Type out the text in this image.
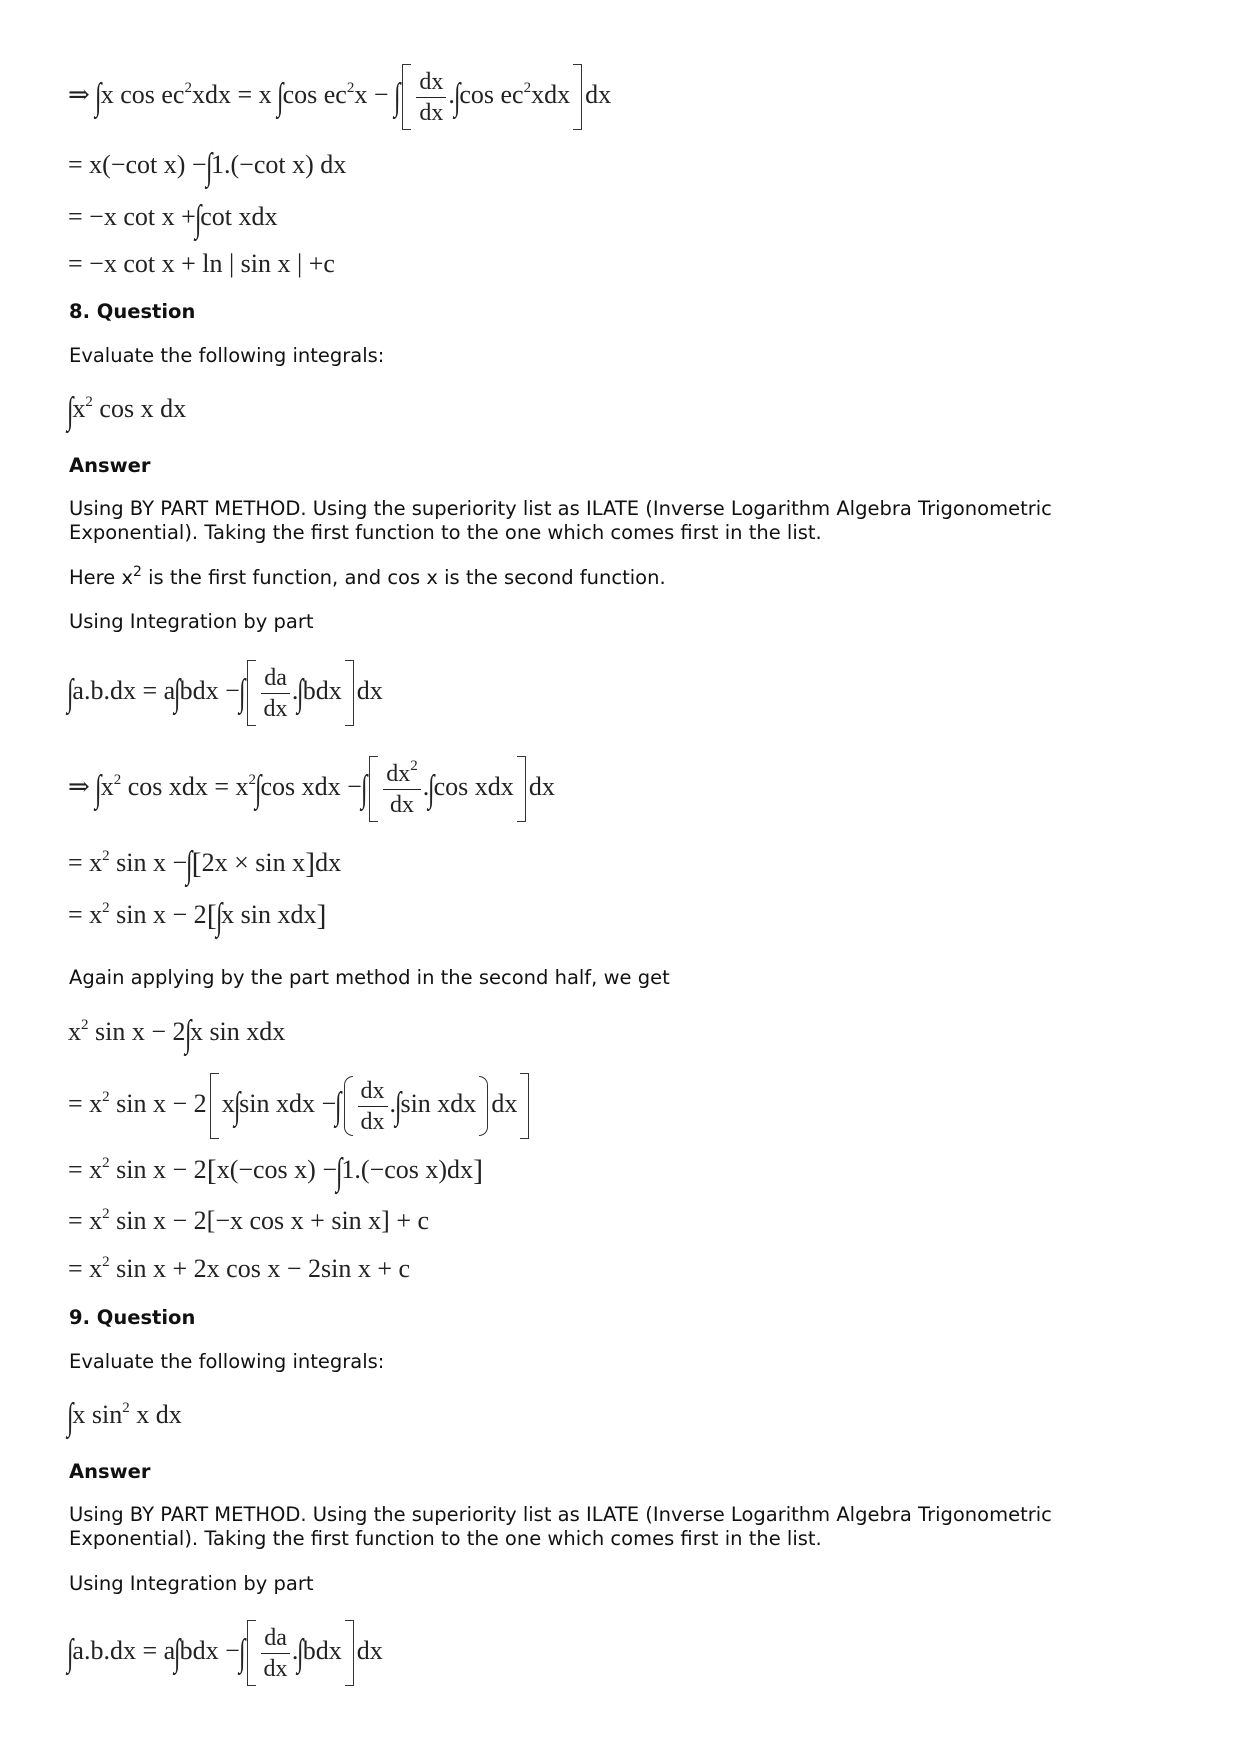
⇒ ∫x $\cos ec^2xdx = x$ ∫cos $ec^2x$ − ∫ $\frac{dx}{dx} .\int\cos$ $ec^2xdx$ dx
= x(−cot x) −∫1.(−cot x) dx
= −x cot x +∫cot xdx
= −x cot x + ln | sin x | +c
8. Question
Evaluate the following integrals:
$\int x^2$ cos x dx
Answer
Using BY PART METHOD. Using the superiority list as ILATE (Inverse Logarithm Algebra Trigonometric
Exponential). Taking the first function to the one which comes first in the list.
Here $x^2$ is the first function, and cos x is the second function.
Using Integration by part
∫a.b.dx = a∫bdx −∫ $\frac{da}{dx} .\int bdx$ dx
⇒ $\int x^2$ cos xdx = $x^2\int\cos$ xdx −∫ $\frac{dx^2}{dx} .\int\cos$ xdx dx
= $x^2$ sin x −∫[2x × sin x]dx
= $x^2$ sin x − 2[∫x sin xdx]
Again applying by the part method in the second half, we get
$x^2$ sin x − 2∫x sin xdx
= $x^2$ sin x − 2 x∫sin xdx −∫ $\frac{dx}{dx} .\int\sin$ xdx dx
= $x^2$ sin x − 2[x(−cos x) −∫1.(−cos x)dx]
= $x^2$ sin x − 2[−x cos x + sin x] + c
= $x^2$ sin x + 2x cos x − 2sin x + c
9. Question
Evaluate the following integrals:
∫x $\sin^2 x$ dx
Answer
Using BY PART METHOD. Using the superiority list as ILATE (Inverse Logarithm Algebra Trigonometric
Exponential). Taking the first function to the one which comes first in the list.
Using Integration by part
∫a.b.dx = a∫bdx −∫ $\frac{da}{dx} .\int bdx$ dx
